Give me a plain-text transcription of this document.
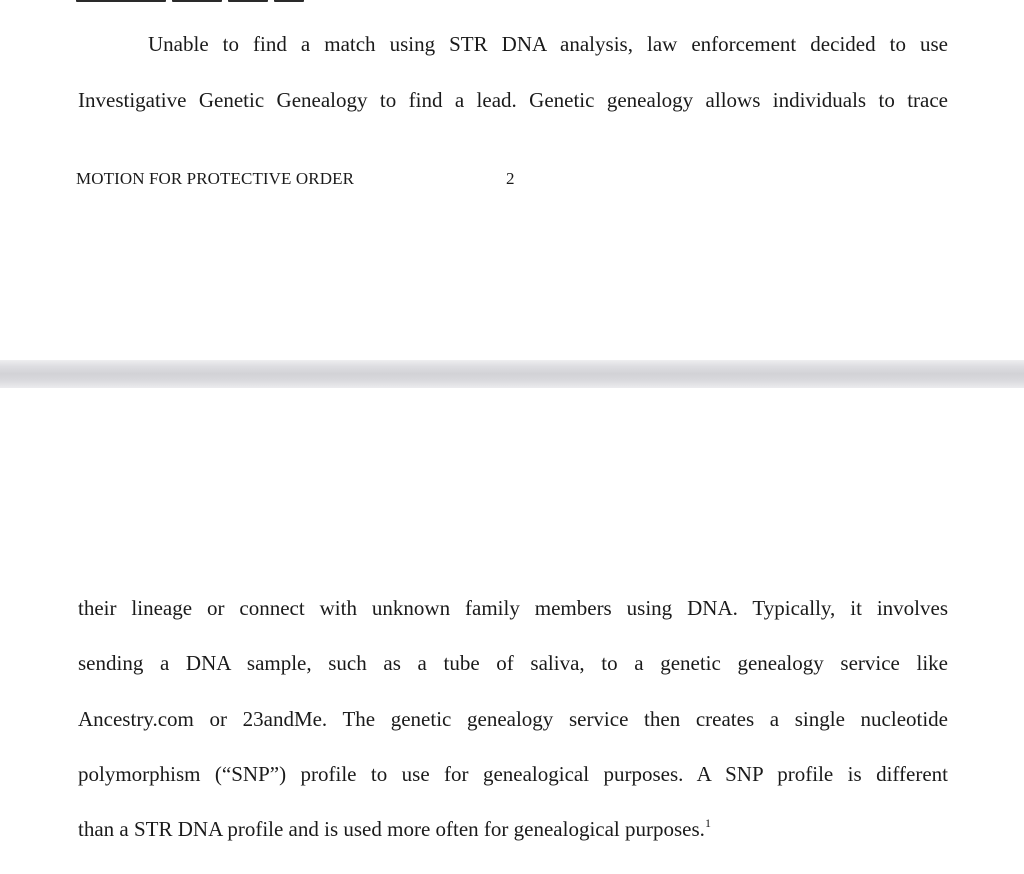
Unable to find a match using STR DNA analysis, law enforcement decided to use
Investigative Genetic Genealogy to find a lead. Genetic genealogy allows individuals to trace
MOTION FOR PROTECTIVE ORDER	2
their lineage or connect with unknown family members using DNA. Typically, it involves
sending a DNA sample, such as a tube of saliva, to a genetic genealogy service like
Ancestry.com or 23andMe. The genetic genealogy service then creates a single nucleotide
polymorphism (“SNP”) profile to use for genealogical purposes. A SNP profile is different
than a STR DNA profile and is used more often for genealogical purposes.$^1$
